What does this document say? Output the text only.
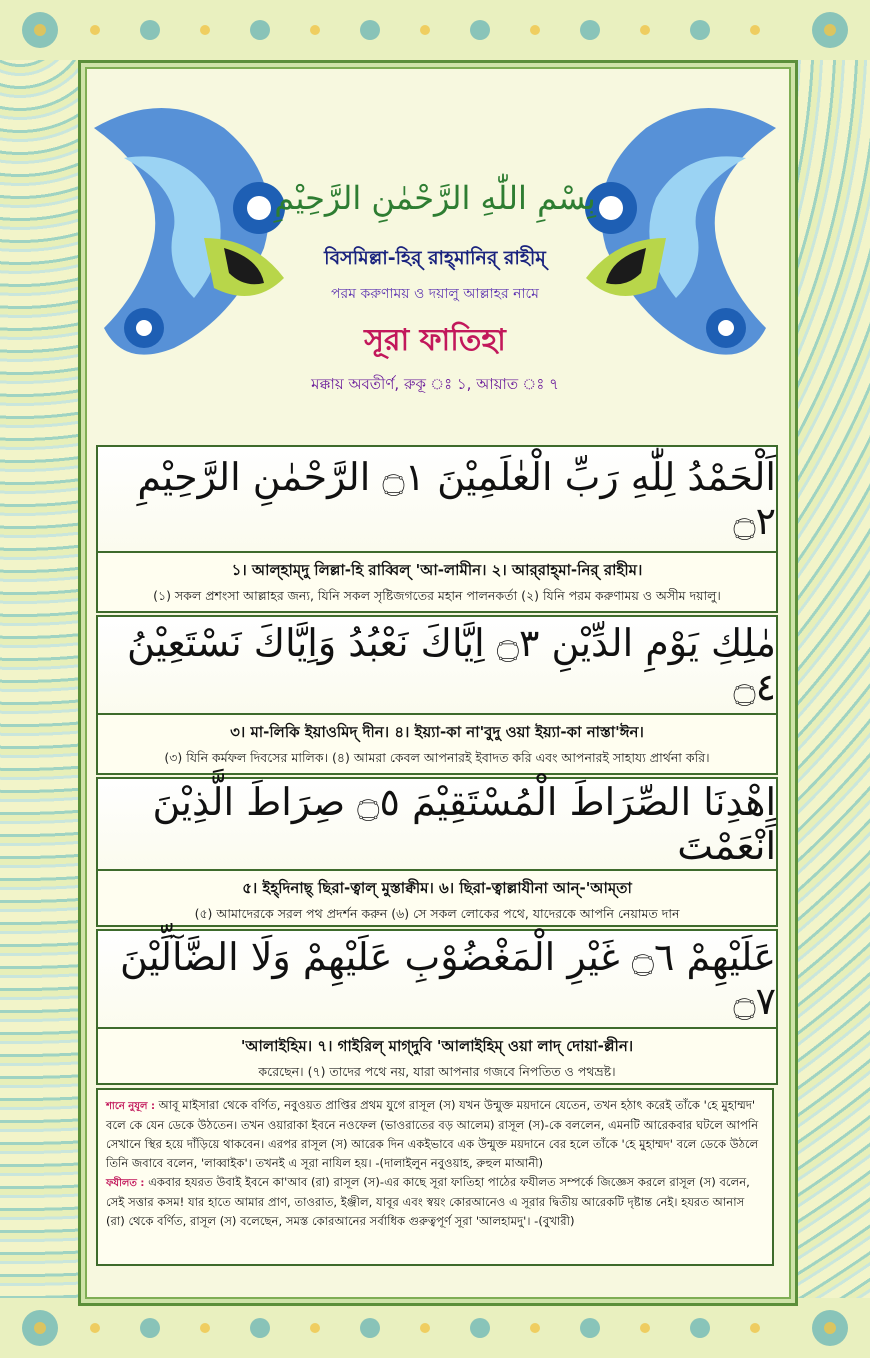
بِسْمِ اللّٰهِ الرَّحْمٰنِ الرَّحِيْمِ
বিসমিল্লা-হির্ রাহ্‌মানির্ রাহীম্
পরম করুণাময় ও দয়ালু আল্লাহর নামে
সূরা ফাতিহা
মক্কায় অবতীর্ণ, রুকূ ঃ ১, আয়াত ঃ ৭
اَلْحَمْدُ لِلّٰهِ رَبِّ الْعٰلَمِيْنَ ۝١ الرَّحْمٰنِ الرَّحِيْمِ ۝٢
১। আল্‌হাম্‌দু লিল্লা-হি রাব্বিল্ 'আ-লামীন। ২। আর্‌রাহ্‌মা-নির্ রাহীম।
(১) সকল প্রশংসা আল্লাহর জন্য, যিনি সকল সৃষ্টিজগতের মহান পালনকর্তা (২) যিনি পরম করুণাময় ও অসীম দয়ালু।
مٰلِكِ يَوْمِ الدِّيْنِ ۝٣ اِيَّاكَ نَعْبُدُ وَاِيَّاكَ نَسْتَعِيْنُ ۝٤
৩। মা-লিকি ইয়াওমিদ্ দীন। ৪। ইয়্যা-কা না'বুদু ওয়া ইয়্যা-কা নাস্তা'ঈন।
(৩) যিনি কর্মফল দিবসের মালিক। (৪) আমরা কেবল আপনারই ইবাদত করি এবং আপনারই সাহায্য প্রার্থনা করি।
اِهْدِنَا الصِّرَاطَ الْمُسْتَقِيْمَ ۝٥ صِرَاطَ الَّذِيْنَ اَنْعَمْتَ
৫। ইহ্‌দিনাছ্ ছিরা-ত্বাল্ মুস্তাক্বীম। ৬। ছিরা-ত্বাল্লাযীনা আন্-'আম্‌তা
(৫) আমাদেরকে সরল পথ প্রদর্শন করুন (৬) সে সকল লোকের পথে, যাদেরকে আপনি নেয়ামত দান
عَلَيْهِمْ ۝٦ غَيْرِ الْمَغْضُوْبِ عَلَيْهِمْ وَلَا الضَّآلِّيْنَ ۝٧
'আলাইহিম। ৭। গাইরিল্ মাগ্‌দুবি 'আলাইহিম্ ওয়া লাদ্ দোয়া-ল্লীন।
করেছেন। (৭) তাদের পথে নয়, যারা আপনার গজবে নিপতিত ও পথভ্রষ্ট।
শানে নুযূল : আবূ মাইসারা থেকে বর্ণিত, নবুওয়ত প্রাপ্তির প্রথম যুগে রাসূল (স) যখন উন্মুক্ত ময়দানে যেতেন, তখন হঠাৎ করেই তাঁকে 'হে মুহাম্মদ' বলে কে যেন ডেকে উঠতেন। তখন ওয়ারাকা ইবনে নওফেল (ভাওরাতের বড় আলেম) রাসূল (স)-কে বললেন, এমনটি আরেকবার ঘটলে আপনি সেখানে স্থির হয়ে দাঁড়িয়ে থাকবেন। এরপর রাসূল (স) আরেক দিন একইভাবে এক উন্মুক্ত ময়দানে বের হলে তাঁকে 'হে মুহাম্মদ' বলে ডেকে উঠলে তিনি জবাবে বলেন, 'লাব্বাইক'। তখনই এ সূরা নাযিল হয়। -(দালাইলুন নবুওয়াহ, রুহুল মাআনী)
ফযীলত : একবার হযরত উবাই ইবনে কা'আব (রা) রাসূল (স)-এর কাছে সূরা ফাতিহা পাঠের ফযীলত সম্পর্কে জিজ্ঞেস করলে রাসূল (স) বলেন, সেই সত্তার কসম! যার হাতে আমার প্রাণ, তাওরাত, ইঞ্জীল, যাবূর এবং স্বয়ং কোরআনেও এ সূরার দ্বিতীয় আরেকটি দৃষ্টান্ত নেই। হযরত আনাস (রা) থেকে বর্ণিত, রাসূল (স) বলেছেন, সমস্ত কোরআনের সর্বাধিক গুরুত্বপূর্ণ সূরা 'আলহামদু'। -(বুখারী)
